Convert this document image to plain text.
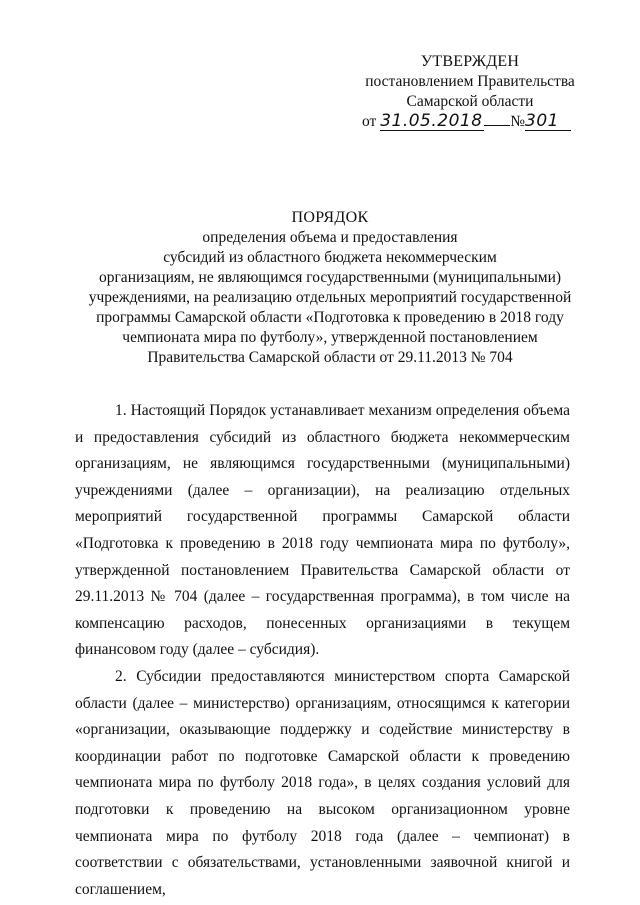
УТВЕРЖДЕН
постановлением Правительства
Самарской области
от 31.05.2018 №301
ПОРЯДОК
определения объема и предоставления
субсидий из областного бюджета некоммерческим
организациям, не являющимся государственными (муниципальными)
учреждениями, на реализацию отдельных мероприятий государственной
программы Самарской области «Подготовка к проведению в 2018 году
чемпионата мира по футболу», утвержденной постановлением
Правительства Самарской области от 29.11.2013 № 704

1. Настоящий Порядок устанавливает механизм определения объема и предоставления субсидий из областного бюджета некоммерческим организациям, не являющимся государственными (муниципальными) учреждениями (далее – организации), на реализацию отдельных мероприятий государственной программы Самарской области «Подготовка к проведению в 2018 году чемпионата мира по футболу», утвержденной постановлением Правительства Самарской области от 29.11.2013 № 704 (далее – государственная программа), в том числе на компенсацию расходов, понесенных организациями в текущем финансовом году (далее – субсидия).

2. Субсидии предоставляются министерством спорта Самарской области (далее – министерство) организациям, относящимся к категории «организации, оказывающие поддержку и содействие министерству в координации работ по подготовке Самарской области к проведению чемпионата мира по футболу 2018 года», в целях создания условий для подготовки к проведению на высоком организационном уровне чемпионата мира по футболу 2018 года (далее – чемпионат) в соответствии с обязательствами, установленными заявочной книгой и соглашением,
